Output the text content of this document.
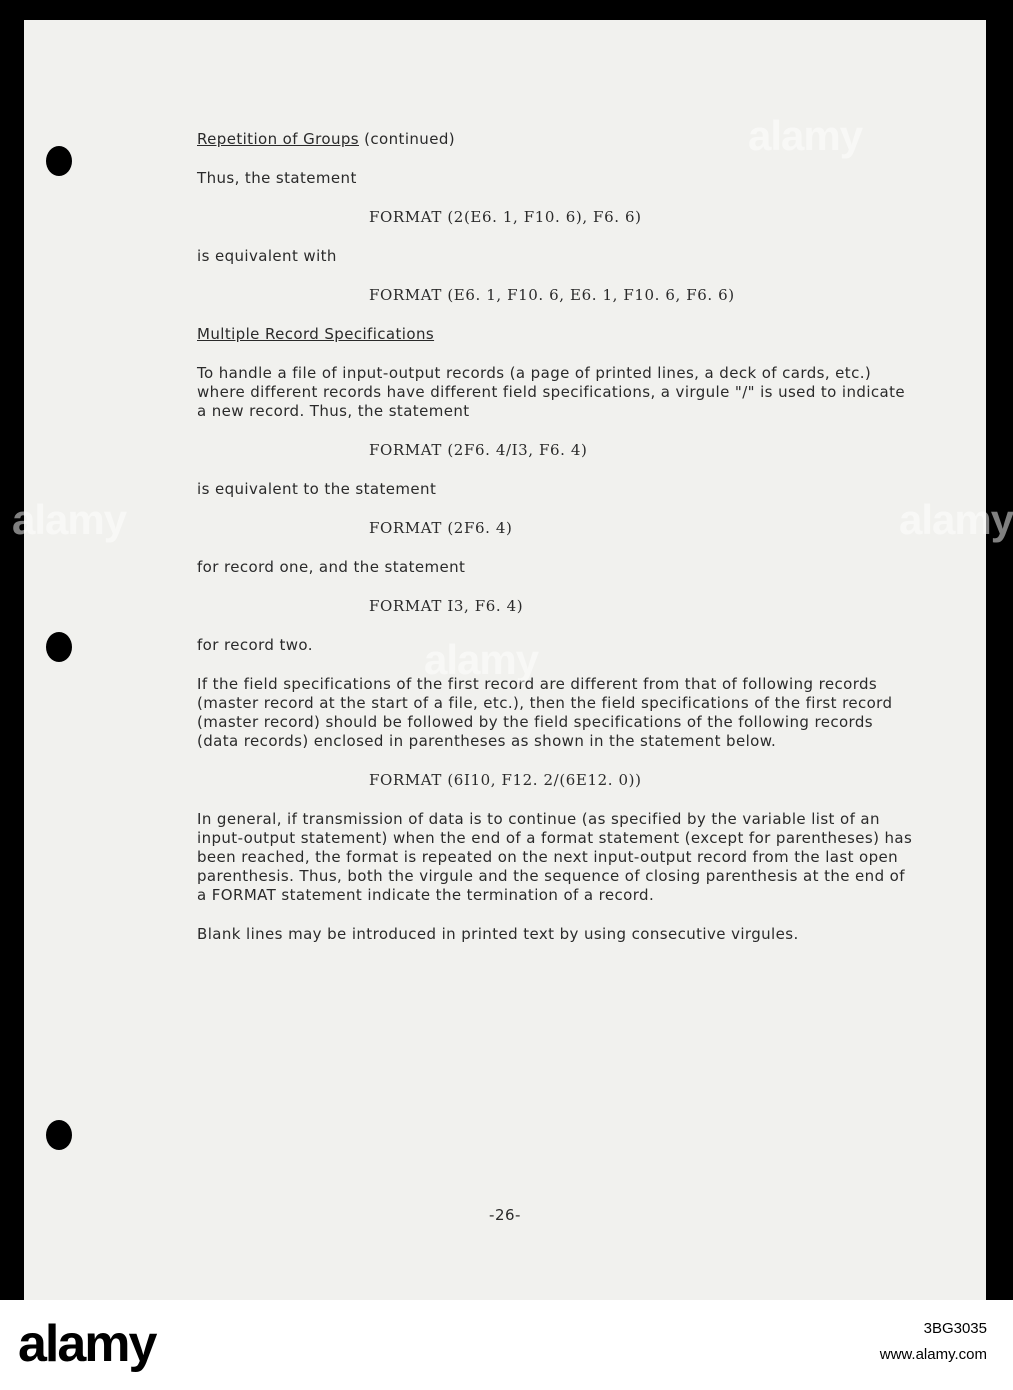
Repetition of Groups (continued)

Thus, the statement

FORMAT (2(E6. 1, F10. 6), F6. 6)

is equivalent with

FORMAT (E6. 1, F10. 6, E6. 1, F10. 6, F6. 6)

Multiple Record Specifications

To handle a file of input-output records (a page of printed lines, a deck of cards, etc.) where different records have different field specifications, a virgule "/" is used to indicate a new record. Thus, the statement

FORMAT (2F6. 4/I3, F6. 4)

is equivalent to the statement

FORMAT (2F6. 4)

for record one, and the statement

FORMAT I3, F6. 4)

for record two.

If the field specifications of the first record are different from that of following records (master record at the start of a file, etc.), then the field specifications of the first record (master record) should be followed by the field specifications of the following records (data records) enclosed in parentheses as shown in the statement below.

FORMAT (6I10, F12. 2/(6E12. 0))

In general, if transmission of data is to continue (as specified by the variable list of an input-output statement) when the end of a format statement (except for parentheses) has been reached, the format is repeated on the next input-output record from the last open parenthesis. Thus, both the virgule and the sequence of closing parenthesis at the end of a FORMAT statement indicate the termination of a record.

Blank lines may be introduced in printed text by using consecutive virgules.

-26-
alamy
alamy
alamy	alamy
alamy	3BG3035
www.alamy.com
